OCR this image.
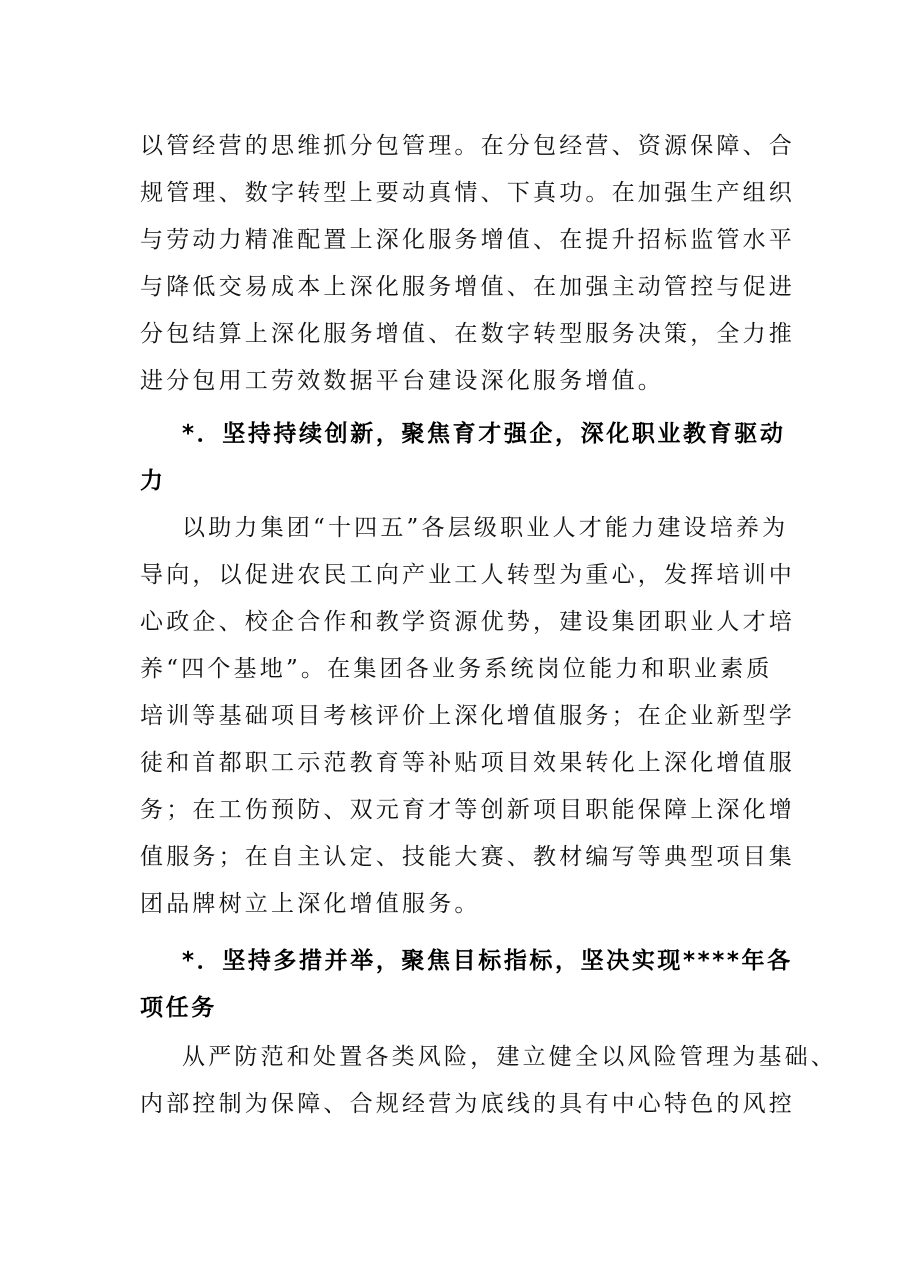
以管经营的思维抓分包管理。在分包经营、资源保障、合
规管理、数字转型上要动真情、下真功。在加强生产组织
与劳动力精准配置上深化服务增值、在提升招标监管水平
与降低交易成本上深化服务增值、在加强主动管控与促进
分包结算上深化服务增值、在数字转型服务决策，全力推
进分包用工劳效数据平台建设深化服务增值。
*．坚持持续创新，聚焦育才强企，深化职业教育驱动
力
以助力集团“十四五”各层级职业人才能力建设培养为
导向，以促进农民工向产业工人转型为重心，发挥培训中
心政企、校企合作和教学资源优势，建设集团职业人才培
养“四个基地”。在集团各业务系统岗位能力和职业素质
培训等基础项目考核评价上深化增值服务；在企业新型学
徒和首都职工示范教育等补贴项目效果转化上深化增值服
务；在工伤预防、双元育才等创新项目职能保障上深化增
值服务；在自主认定、技能大赛、教材编写等典型项目集
团品牌树立上深化增值服务。
*．坚持多措并举，聚焦目标指标，坚决实现****年各
项任务
从严防范和处置各类风险，建立健全以风险管理为基础、
内部控制为保障、合规经营为底线的具有中心特色的风控
